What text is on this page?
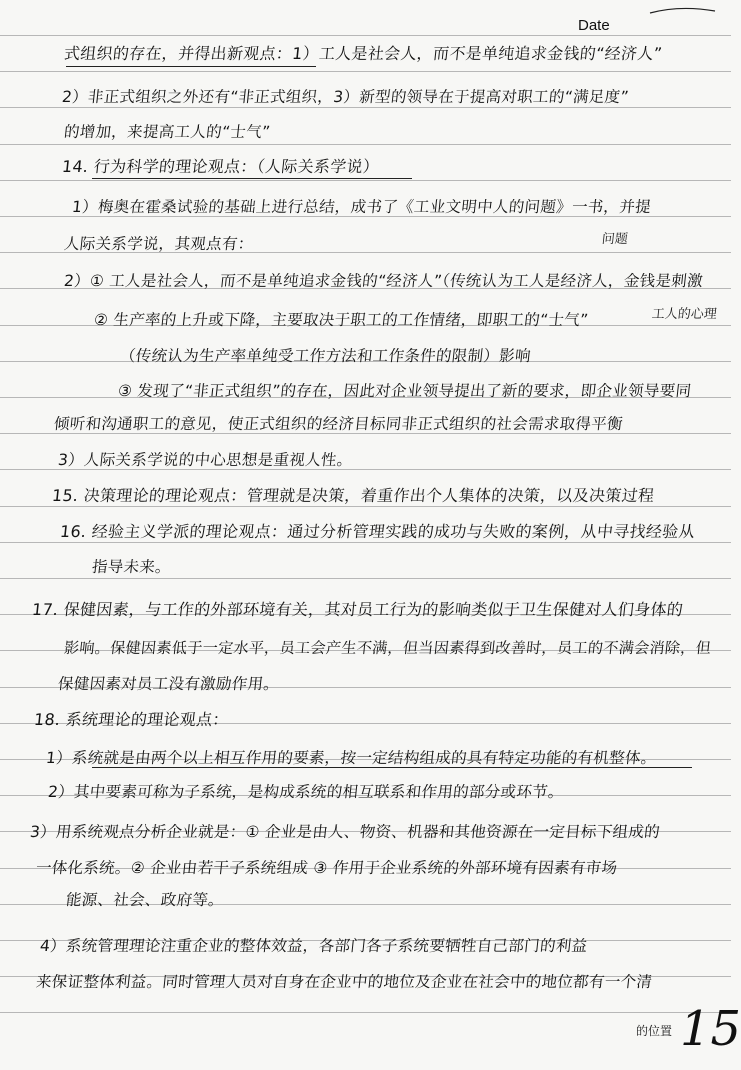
Date
式组织的存在，并得出新观点：1）工人是社会人，而不是单纯追求金钱的“经济人”
2）非正式组织之外还有“非正式组织，3）新型的领导在于提高对职工的“满足度”
的增加，来提高工人的“士气”
14. 行为科学的理论观点：（人际关系学说）
1）梅奥在霍桑试验的基础上进行总结，成书了《工业文明中人的问题》一书，并提
问题
人际关系学说，其观点有：
2）① 工人是社会人，而不是单纯追求金钱的“经济人”（传统认为工人是经济人，金钱是刺激
② 生产率的上升或下降，主要取决于职工的工作情绪，即职工的“士气”	工人的心理
（传统认为生产率单纯受工作方法和工作条件的限制）影响
③ 发现了“非正式组织”的存在，因此对企业领导提出了新的要求，即企业领导要同
倾听和沟通职工的意见，使正式组织的经济目标同非正式组织的社会需求取得平衡
3）人际关系学说的中心思想是重视人性。
15. 决策理论的理论观点：管理就是决策，着重作出个人集体的决策，以及决策过程
16. 经验主义学派的理论观点：通过分析管理实践的成功与失败的案例，从中寻找经验从
指导未来。
17. 保健因素，与工作的外部环境有关，其对员工行为的影响类似于卫生保健对人们身体的
影响。保健因素低于一定水平，员工会产生不满，但当因素得到改善时，员工的不满会消除，但
保健因素对员工没有激励作用。
18. 系统理论的理论观点：
1）系统就是由两个以上相互作用的要素，按一定结构组成的具有特定功能的有机整体。
2）其中要素可称为子系统，是构成系统的相互联系和作用的部分或环节。
3）用系统观点分析企业就是：① 企业是由人、物资、机器和其他资源在一定目标下组成的
一体化系统。② 企业由若干子系统组成 ③ 作用于企业系统的外部环境有因素有市场
能源、社会、政府等。
4）系统管理理论注重企业的整体效益，各部门各子系统要牺牲自己部门的利益
来保证整体利益。同时管理人员对自身在企业中的地位及企业在社会中的地位都有一个清
的位置 15
